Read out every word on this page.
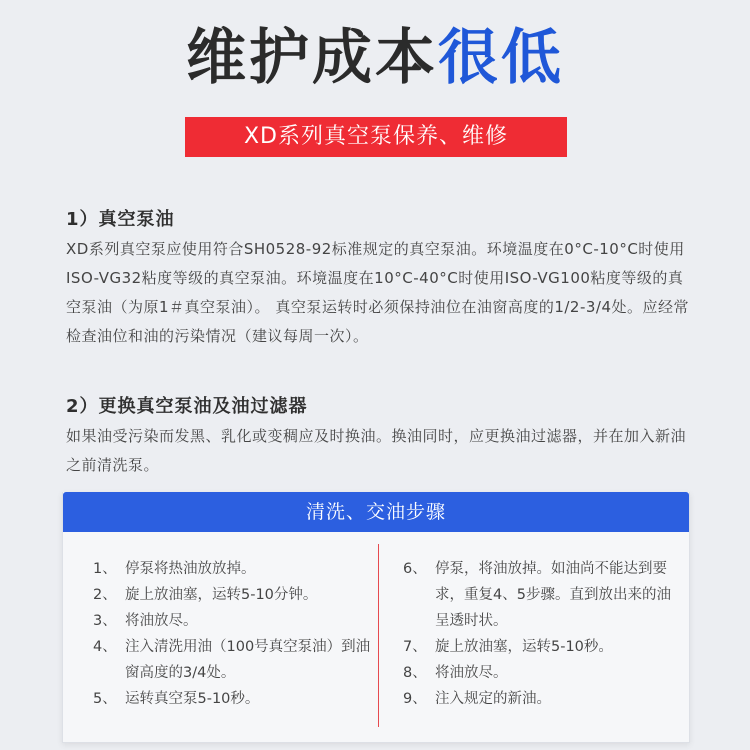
维护成本很低
XD系列真空泵保养、维修
1）真空泵油
XD系列真空泵应使用符合SH0528-92标准规定的真空泵油。环境温度在0°C-10°C时使用ISO-VG32粘度等级的真空泵油。环境温度在10°C-40°C时使用ISO-VG100粘度等级的真空泵油（为原1＃真空泵油）。 真空泵运转时必须保持油位在油窗高度的1/2-3/4处。应经常检查油位和油的污染情况（建议每周一次）。
2）更换真空泵油及油过滤器
如果油受污染而发黑、乳化或变稠应及时换油。换油同时，应更换油过滤器，并在加入新油之前清洗泵。
清洗、交油步骤
1、 停泵将热油放放掉。
2、 旋上放油塞，运转5-10分钟。
3、 将油放尽。
4、 注入清洗用油（100号真空泵油）到油窗高度的3/4处。
5、 运转真空泵5-10秒。
6、 停泵，将油放掉。如油尚不能达到要求，重复4、5步骤。直到放出来的油呈透时状。
7、 旋上放油塞，运转5-10秒。
8、 将油放尽。
9、 注入规定的新油。
